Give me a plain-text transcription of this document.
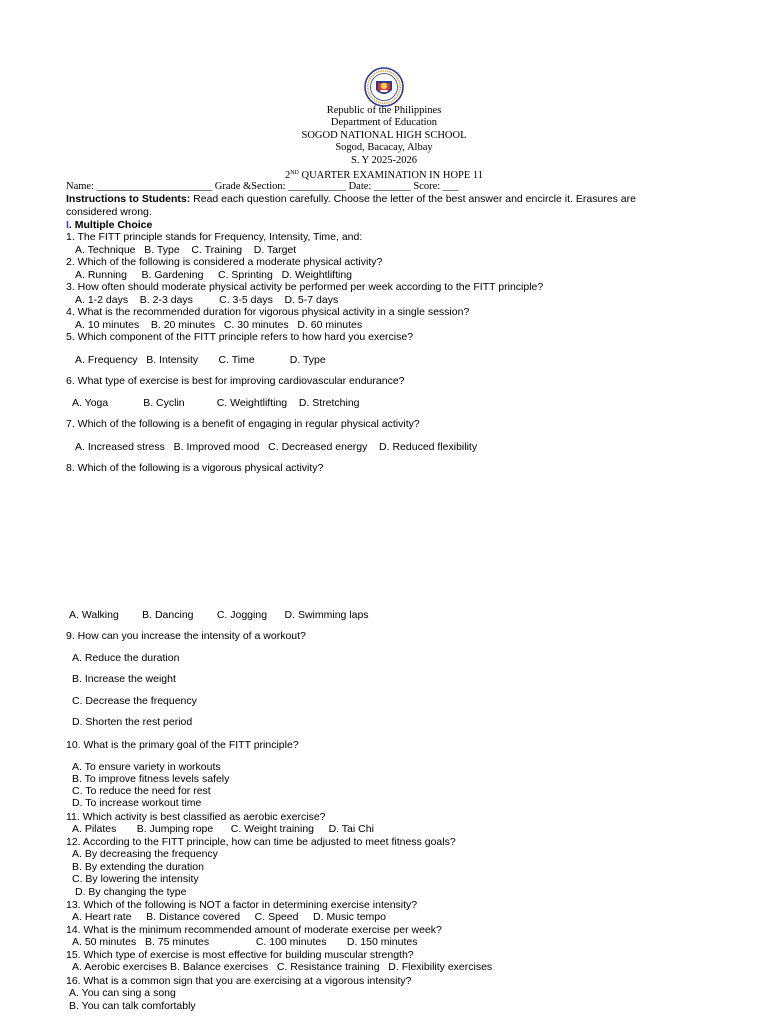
Republic of the Philippines
Department of Education
SOGOD NATIONAL HIGH SCHOOL
Sogod, Bacacay, Albay
S. Y 2025-2026
2ND QUARTER EXAMINATION IN HOPE 11
Name: ______________________ Grade &Section: ___________ Date: _______ Score: ___
Instructions to Students: Read each question carefully. Choose the letter of the best answer and encircle it. Erasures are considered wrong.
I. Multiple Choice
1. The FITT principle stands for Frequency, Intensity, Time, and:
A. Technique   B. Type    C. Training    D. Target
2. Which of the following is considered a moderate physical activity?
A. Running     B. Gardening     C. Sprinting   D. Weightlifting
3. How often should moderate physical activity be performed per week according to the FITT principle?
A. 1-2 days    B. 2-3 days         C. 3-5 days    D. 5-7 days
4. What is the recommended duration for vigorous physical activity in a single session?
A. 10 minutes    B. 20 minutes   C. 30 minutes   D. 60 minutes
5. Which component of the FITT principle refers to how hard you exercise?
A. Frequency   B. Intensity       C. Time            D. Type
6. What type of exercise is best for improving cardiovascular endurance?
A. Yoga            B. Cyclin           C. Weightlifting    D. Stretching
7. Which of the following is a benefit of engaging in regular physical activity?
A. Increased stress   B. Improved mood   C. Decreased energy    D. Reduced flexibility
8. Which of the following is a vigorous physical activity?
A. Walking        B. Dancing        C. Jogging      D. Swimming laps
9. How can you increase the intensity of a workout?
A. Reduce the duration
B. Increase the weight
C. Decrease the frequency
D. Shorten the rest period
10. What is the primary goal of the FITT principle?
A. To ensure variety in workouts
B. To improve fitness levels safely
C. To reduce the need for rest
D. To increase workout time
11. Which activity is best classified as aerobic exercise?
A. Pilates       B. Jumping rope      C. Weight training     D. Tai Chi
12. According to the FITT principle, how can time be adjusted to meet fitness goals?
A. By decreasing the frequency
B. By extending the duration
C. By lowering the intensity
D. By changing the type
13. Which of the following is NOT a factor in determining exercise intensity?
A. Heart rate     B. Distance covered     C. Speed     D. Music tempo
14. What is the minimum recommended amount of moderate exercise per week?
A. 50 minutes   B. 75 minutes                C. 100 minutes       D. 150 minutes
15. Which type of exercise is most effective for building muscular strength?
A. Aerobic exercises B. Balance exercises   C. Resistance training   D. Flexibility exercises
16. What is a common sign that you are exercising at a vigorous intensity?
A. You can sing a song
B. You can talk comfortably
